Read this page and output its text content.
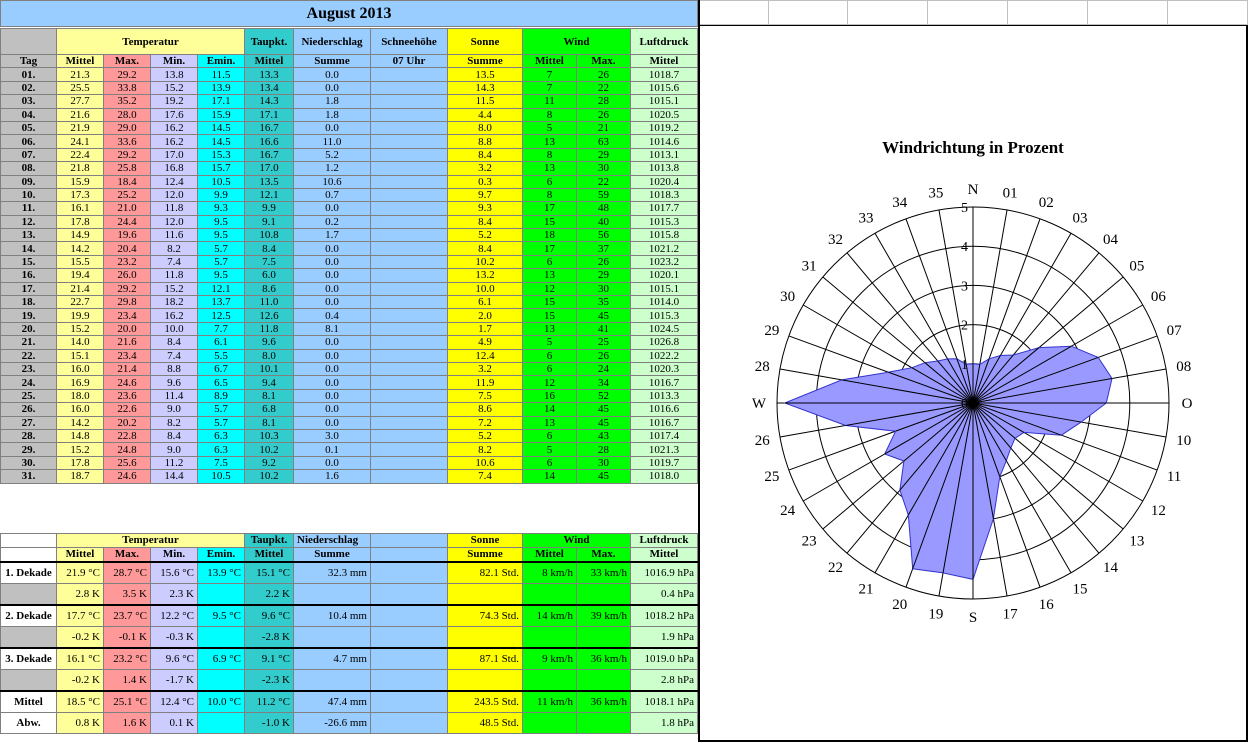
August 2013
	Temperatur				Taupkt.	Niederschlag	Schneehöhe	Sonne	Wind		Luftdruck
Tag	Mittel	Max.	Min.	Emin.	Mittel	Summe	07 Uhr	Summe	Mittel	Max.	Mittel
01.	21.3	29.2	13.8	11.5	13.3	0.0		13.5	7	26	1018.7
02.	25.5	33.8	15.2	13.9	13.4	0.0		14.3	7	22	1015.6
03.	27.7	35.2	19.2	17.1	14.3	1.8		11.5	11	28	1015.1
04.	21.6	28.0	17.6	15.9	17.1	1.8		4.4	8	26	1020.5
05.	21.9	29.0	16.2	14.5	16.7	0.0		8.0	5	21	1019.2
06.	24.1	33.6	16.2	14.5	16.6	11.0		8.8	13	63	1014.6
07.	22.4	29.2	17.0	15.3	16.7	5.2		8.4	8	29	1013.1
08.	21.8	25.8	16.8	15.7	17.0	1.2		3.2	13	30	1013.8
09.	15.9	18.4	12.4	10.5	13.5	10.6		0.3	6	22	1020.4
10.	17.3	25.2	12.0	9.9	12.1	0.7		9.7	8	59	1018.3
11.	16.1	21.0	11.8	9.3	9.9	0.0		9.3	17	48	1017.7
12.	17.8	24.4	12.0	9.5	9.1	0.2		8.4	15	40	1015.3
13.	14.9	19.6	11.6	9.5	10.8	1.7		5.2	18	56	1015.8
14.	14.2	20.4	8.2	5.7	8.4	0.0		8.4	17	37	1021.2
15.	15.5	23.2	7.4	5.7	7.5	0.0		10.2	6	26	1023.2
16.	19.4	26.0	11.8	9.5	6.0	0.0		13.2	13	29	1020.1
17.	21.4	29.2	15.2	12.1	8.6	0.0		10.0	12	30	1015.1
18.	22.7	29.8	18.2	13.7	11.0	0.0		6.1	15	35	1014.0
19.	19.9	23.4	16.2	12.5	12.6	0.4		2.0	15	45	1015.3
20.	15.2	20.0	10.0	7.7	11.8	8.1		1.7	13	41	1024.5
21.	14.0	21.6	8.4	6.1	9.6	0.0		4.9	5	25	1026.8
22.	15.1	23.4	7.4	5.5	8.0	0.0		12.4	6	26	1022.2
23.	16.0	21.4	8.8	6.7	10.1	0.0		3.2	6	24	1020.3
24.	16.9	24.6	9.6	6.5	9.4	0.0		11.9	12	34	1016.7
25.	18.0	23.6	11.4	8.9	8.1	0.0		7.5	16	52	1013.3
26.	16.0	22.6	9.0	5.7	6.8	0.0		8.6	14	45	1016.6
27.	14.2	20.2	8.2	5.7	8.1	0.0		7.2	13	45	1016.7
28.	14.8	22.8	8.4	6.3	10.3	3.0		5.2	6	43	1017.4
29.	15.2	24.8	9.0	6.3	10.2	0.1		8.2	5	28	1021.3
30.	17.8	25.6	11.2	7.5	9.2	0.0		10.6	6	30	1019.7
31.	18.7	24.6	14.4	10.5	10.2	1.6		7.4	14	45	1018.0
	Temperatur				Taupkt.	Niederschlag		Sonne	Wind		Luftdruck
	Mittel	Max.	Min.	Emin.	Mittel	Summe		Summe	Mittel	Max.	Mittel
1. Dekade	21.9 °C	28.7 °C	15.6 °C	13.9 °C	15.1 °C	32.3 mm		82.1 Std.	8 km/h	33 km/h	1016.9 hPa
	2.8 K	3.5 K	2.3 K		2.2 K						0.4 hPa
2. Dekade	17.7 °C	23.7 °C	12.2 °C	9.5 °C	9.6 °C	10.4 mm		74.3 Std.	14 km/h	39 km/h	1018.2 hPa
	-0.2 K	-0.1 K	-0.3 K		-2.8 K						1.9 hPa
3. Dekade	16.1 °C	23.2 °C	9.6 °C	6.9 °C	9.1 °C	4.7 mm		87.1 Std.	9 km/h	36 km/h	1019.0 hPa
	-0.2 K	1.4 K	-1.7 K		-2.3 K						2.8 hPa
Mittel	18.5 °C	25.1 °C	12.4 °C	10.0 °C	11.2 °C	47.4 mm		243.5 Std.	11 km/h	36 km/h	1018.1 hPa
Abw.	0.8 K	1.6 K	0.1 K		-1.0 K	-26.6 mm		48.5 Std.			1.8 hPa
Windrichtung in Prozent
1
2
3
4
5
0
N 01
02
03
04
05
06
07
08
O
10
11
12
13
14
15
16
17
S
19
20
21
22
23
24
25
26
W
28
29
30
31
32
33
34
35
